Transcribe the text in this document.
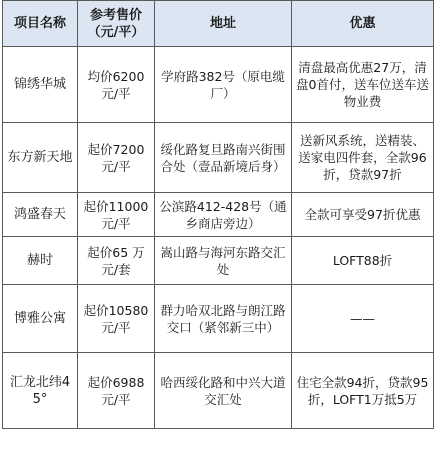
项目名称	参考售价（元/平）	地址	优惠
锦绣华城	均价6200元/平	学府路382号（原电缆厂）	清盘最高优惠27万，清盘0首付，送车位送车送物业费
东方新天地	起价7200元/平	绥化路复旦路南兴街围合处（壹品新境后身）	送新风系统，送精装、送家电四件套，全款96折，贷款97折
鸿盛春天	起价11000元/平	公滨路412-428号（通乡商店旁边）	全款可享受97折优惠
赫时	起价65 万元/套	嵩山路与海河东路交汇处	LOFT88折
博雅公寓	起价10580元/平	群力哈双北路与朗江路交口（紧邻新三中）	——
汇龙北纬45°	起价6988元/平	哈西绥化路和中兴大道交汇处	住宅全款94折，贷款95折，LOFT1万抵5万
